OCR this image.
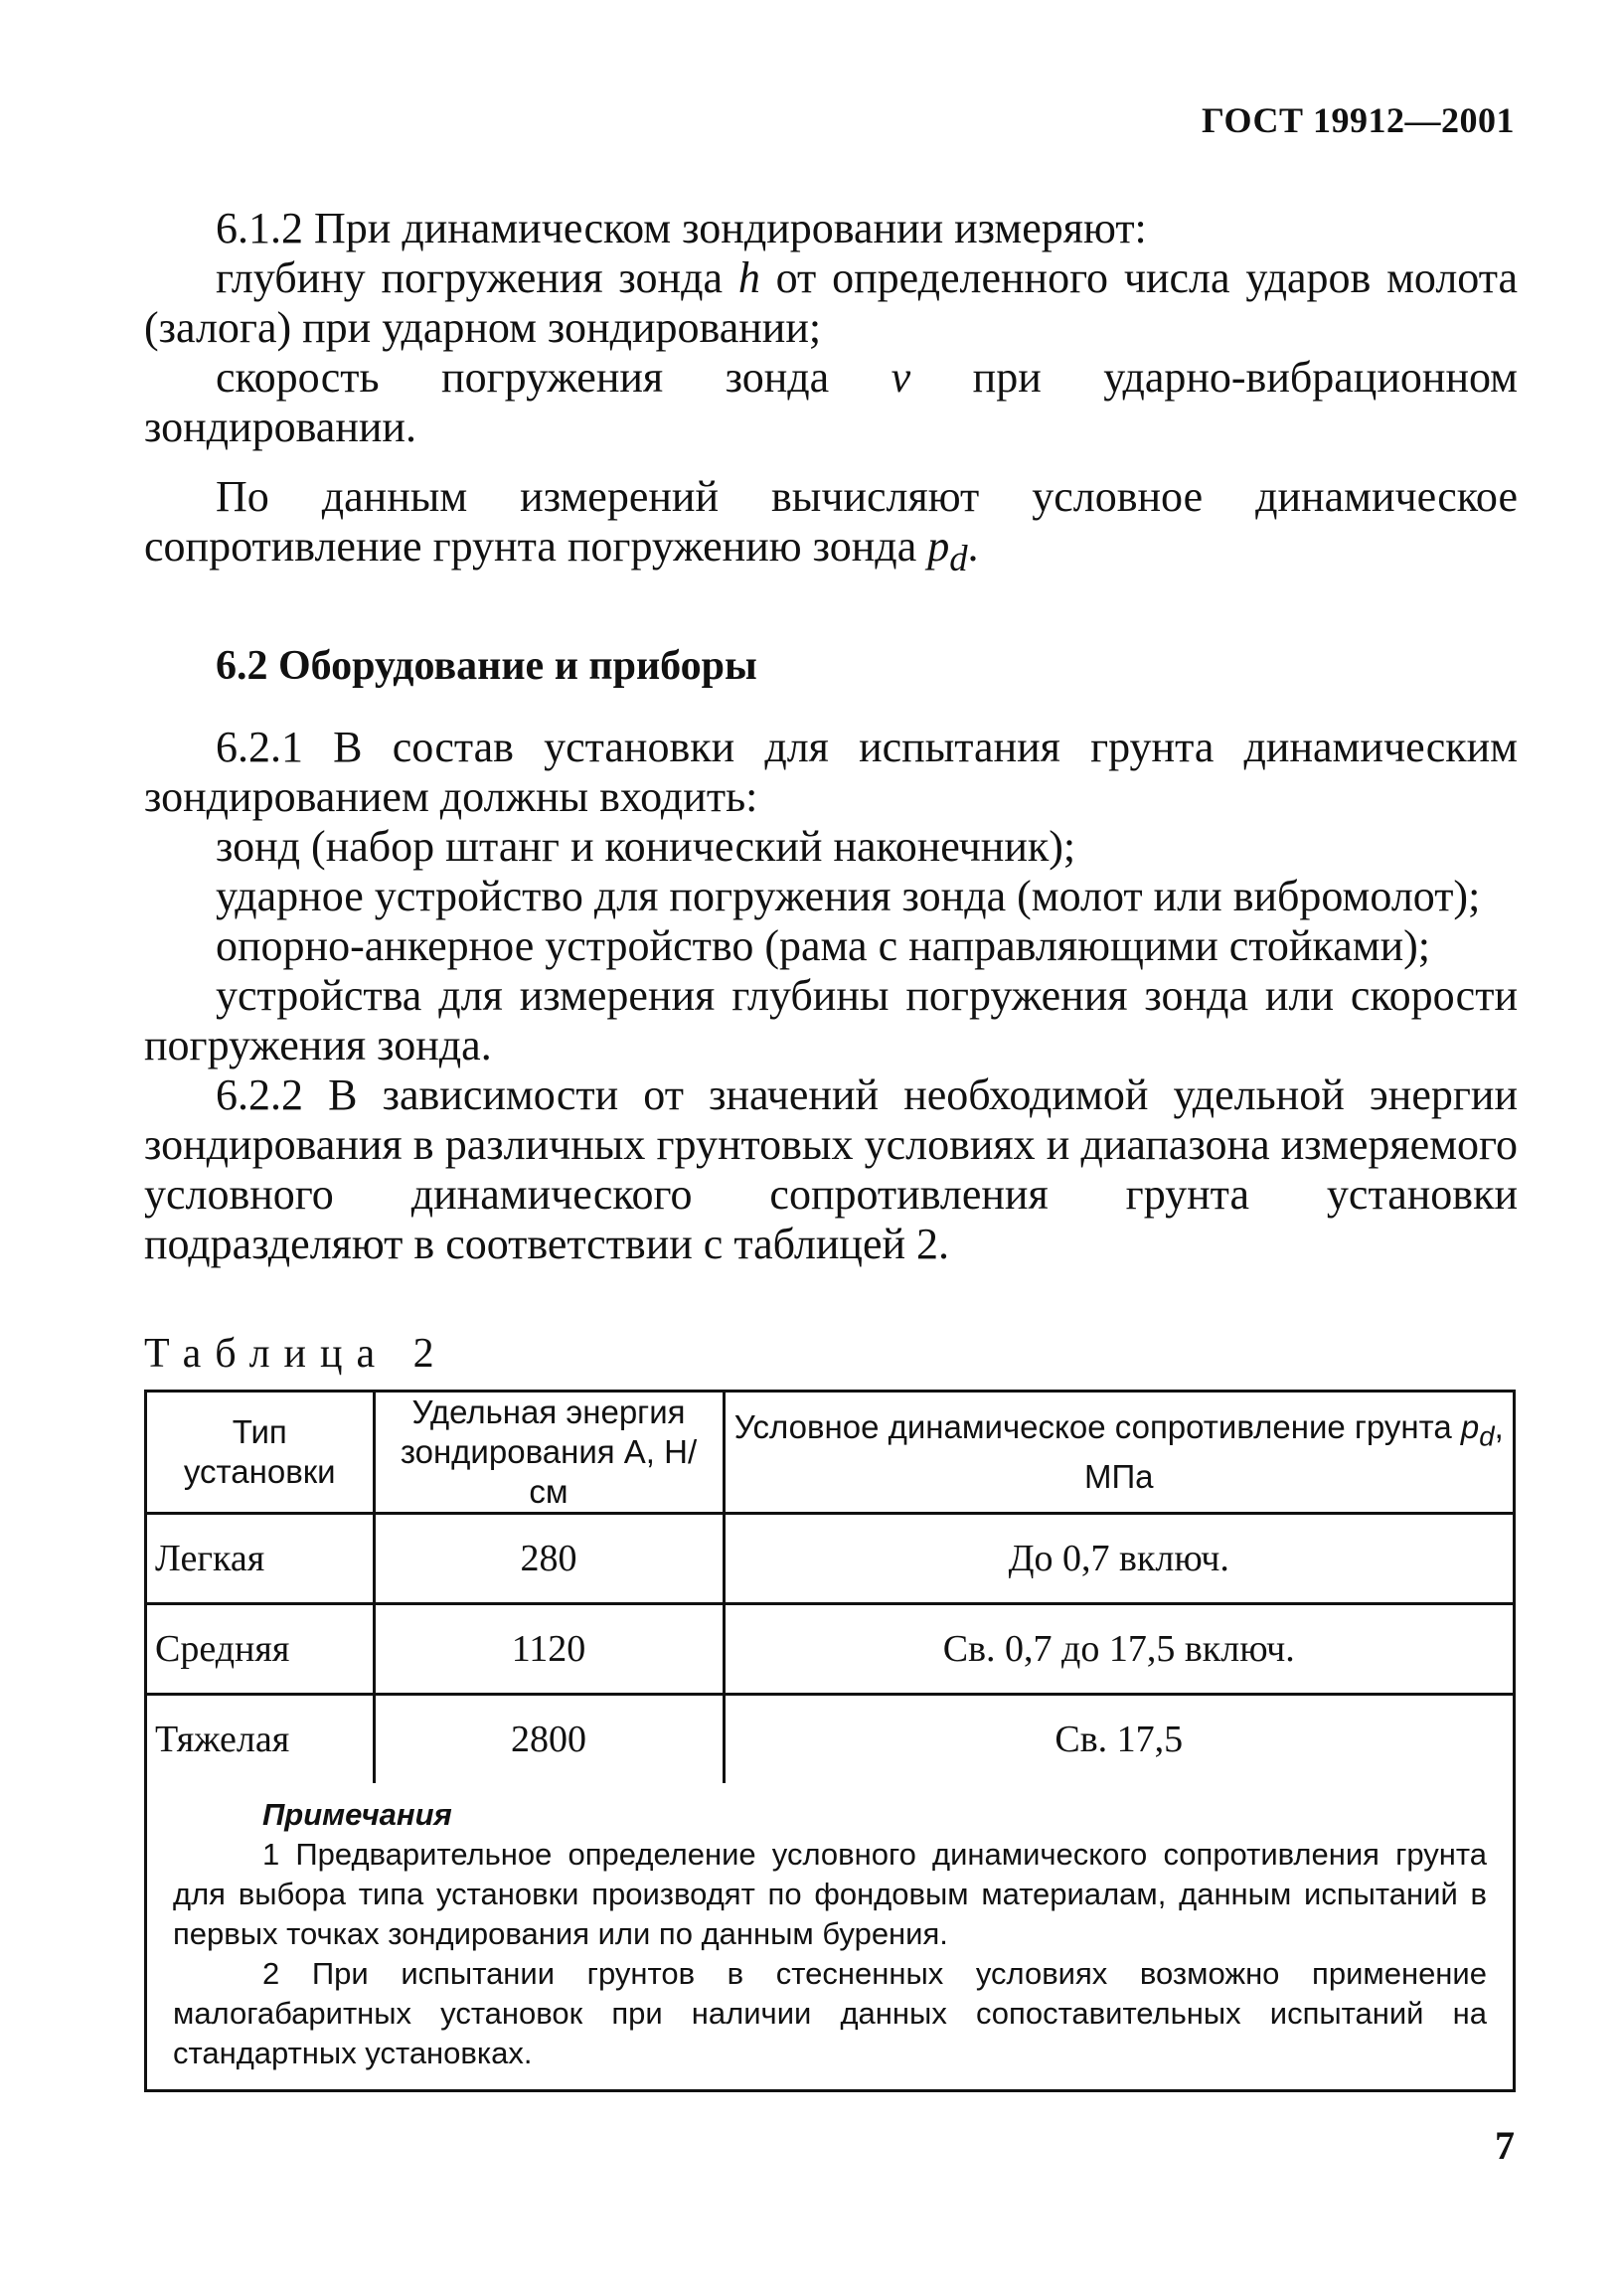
ГОСТ 19912—2001

6.1.2 При динамическом зондировании измеряют:

глубину погружения зонда h от определенного числа ударов молота (залога) при ударном зондировании;

скорость погружения зонда v при ударно-вибрационном зондировании.

По данным измерений вычисляют условное динамическое сопротивление грунта погружению зонда $p_d$.

6.2 Оборудование и приборы

6.2.1 В состав установки для испытания грунта динамическим зондированием должны входить:

зонд (набор штанг и конический наконечник);

ударное устройство для погружения зонда (молот или вибромолот);

опорно-анкерное устройство (рама с направляющими стойками);

устройства для измерения глубины погружения зонда или скорости погружения зонда.

6.2.2 В зависимости от значений необходимой удельной энергии зондирования в различных грунтовых условиях и диапазона измеряемого условного динамического сопротивления грунта установки подразделяют в соответствии с таблицей 2.

Таблица 2
Тип установки	Удельная энергия зондирования А, Н/см	Условное динамическое сопротивление грунта $p_d$, МПа
Легкая	280	До 0,7 включ.
Средняя	1120	Св. 0,7 до 17,5 включ.
Тяжелая	2800	Св. 17,5
Примечания

1 Предварительное определение условного динамического сопротивления грунта для выбора типа установки производят по фондовым материалам, данным испытаний в первых точках зондирования или по данным бурения.

2 При испытании грунтов в стесненных условиях возможно применение малогабаритных установок при наличии данных сопоставительных испытаний на стандартных установках.

7
